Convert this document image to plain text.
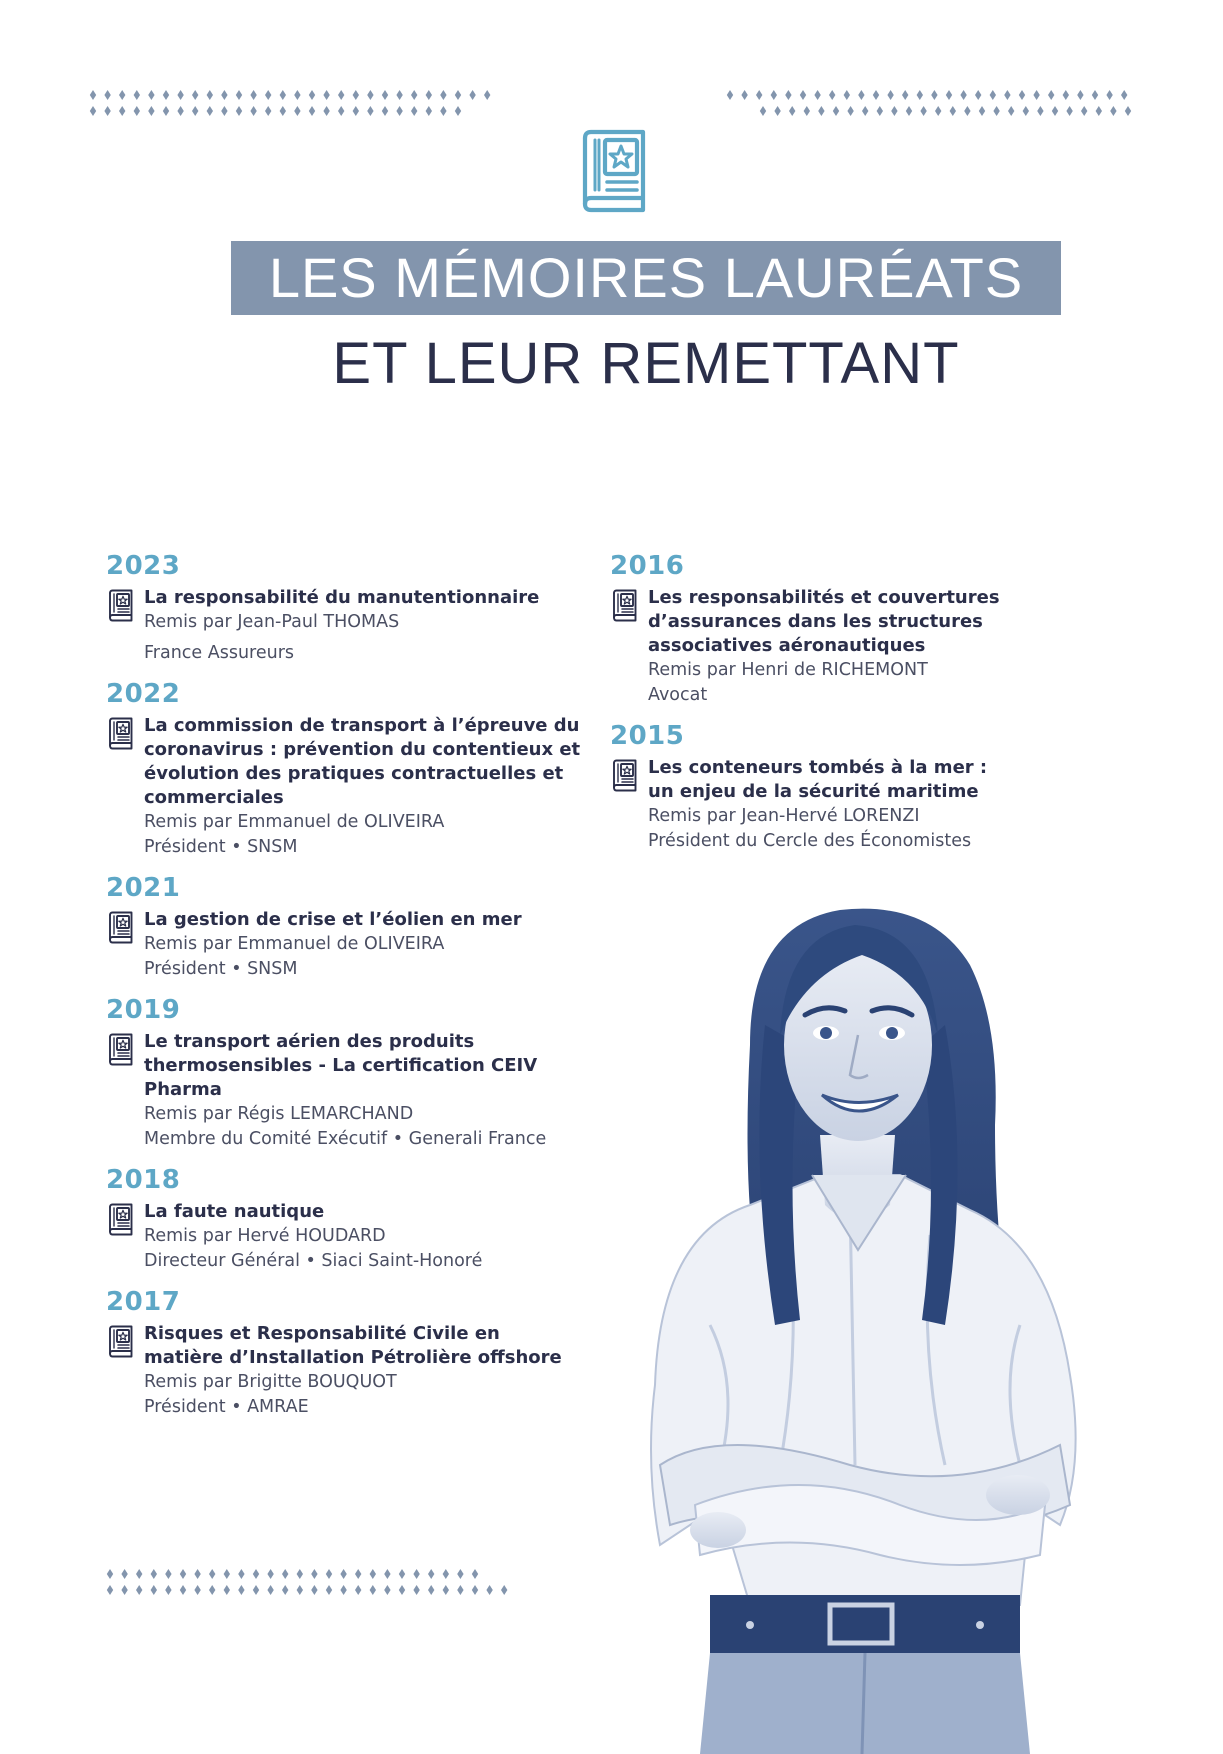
LES MÉMOIRES LAURÉATS
ET LEUR REMETTANT

2023

La responsabilité du manutentionnaire

Remis par Jean-Paul THOMAS

France Assureurs

2022

La commission de transport à l’épreuve du coronavirus : prévention du contentieux et évolution des pratiques contractuelles et commerciales

Remis par Emmanuel de OLIVEIRA

Président • SNSM

2021

La gestion de crise et l’éolien en mer

Remis par Emmanuel de OLIVEIRA

Président • SNSM

2019

Le transport aérien des produits thermosensibles - La certification CEIV Pharma

Remis par Régis LEMARCHAND

Membre du Comité Exécutif • Generali France

2018

La faute nautique

Remis par Hervé HOUDARD

Directeur Général • Siaci Saint-Honoré

2017

Risques et Responsabilité Civile en matière d’Installation Pétrolière offshore

Remis par Brigitte BOUQUOT

Président • AMRAE

2016

Les responsabilités et couvertures d’assurances dans les structures associatives aéronautiques

Remis par Henri de RICHEMONT

Avocat

2015

Les conteneurs tombés à la mer : un enjeu de la sécurité maritime

Remis par Jean-Hervé LORENZI

Président du Cercle des Économistes
